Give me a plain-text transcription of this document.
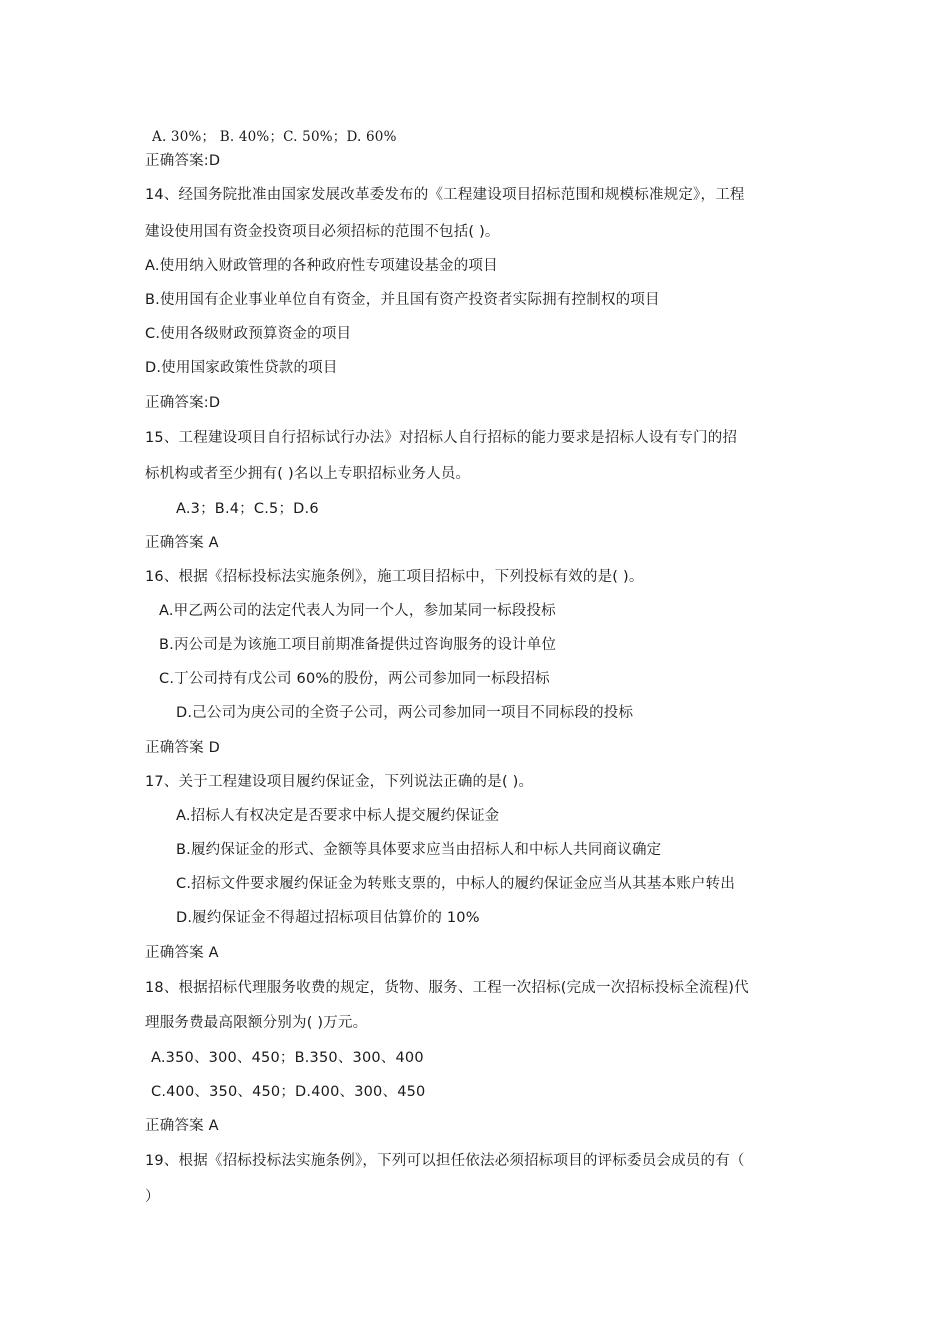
A. 30%； B. 40%；C. 50%；D. 60%
正确答案:D
14、经国务院批准由国家发展改革委发布的《工程建设项目招标范围和规模标准规定》，工程
建设使用国有资金投资项目必须招标的范围不包括( )。
A.使用纳入财政管理的各种政府性专项建设基金的项目
B.使用国有企业事业单位自有资金，并且国有资产投资者实际拥有控制权的项目
C.使用各级财政预算资金的项目
D.使用国家政策性贷款的项目
正确答案:D
15、工程建设项目自行招标试行办法》对招标人自行招标的能力要求是招标人设有专门的招
标机构或者至少拥有( )名以上专职招标业务人员。
A.3；B.4；C.5；D.6
正确答案 A
16、根据《招标投标法实施条例》，施工项目招标中，下列投标有效的是( )。
A.甲乙两公司的法定代表人为同一个人，参加某同一标段投标
B.丙公司是为该施工项目前期准备提供过咨询服务的设计单位
C.丁公司持有戊公司 60%的股份，两公司参加同一标段招标
D.己公司为庚公司的全资子公司，两公司参加同一项目不同标段的投标
正确答案 D
17、关于工程建设项目履约保证金，下列说法正确的是( )。
A.招标人有权决定是否要求中标人提交履约保证金
B.履约保证金的形式、金额等具体要求应当由招标人和中标人共同商议确定
C.招标文件要求履约保证金为转账支票的，中标人的履约保证金应当从其基本账户转出
D.履约保证金不得超过招标项目估算价的 10%
正确答案 A
18、根据招标代理服务收费的规定，货物、服务、工程一次招标(完成一次招标投标全流程)代
理服务费最高限额分别为( )万元。
A.350、300、450；B.350、300、400
C.400、350、450；D.400、300、450
正确答案 A
19、根据《招标投标法实施条例》，下列可以担任依法必须招标项目的评标委员会成员的有（
）
